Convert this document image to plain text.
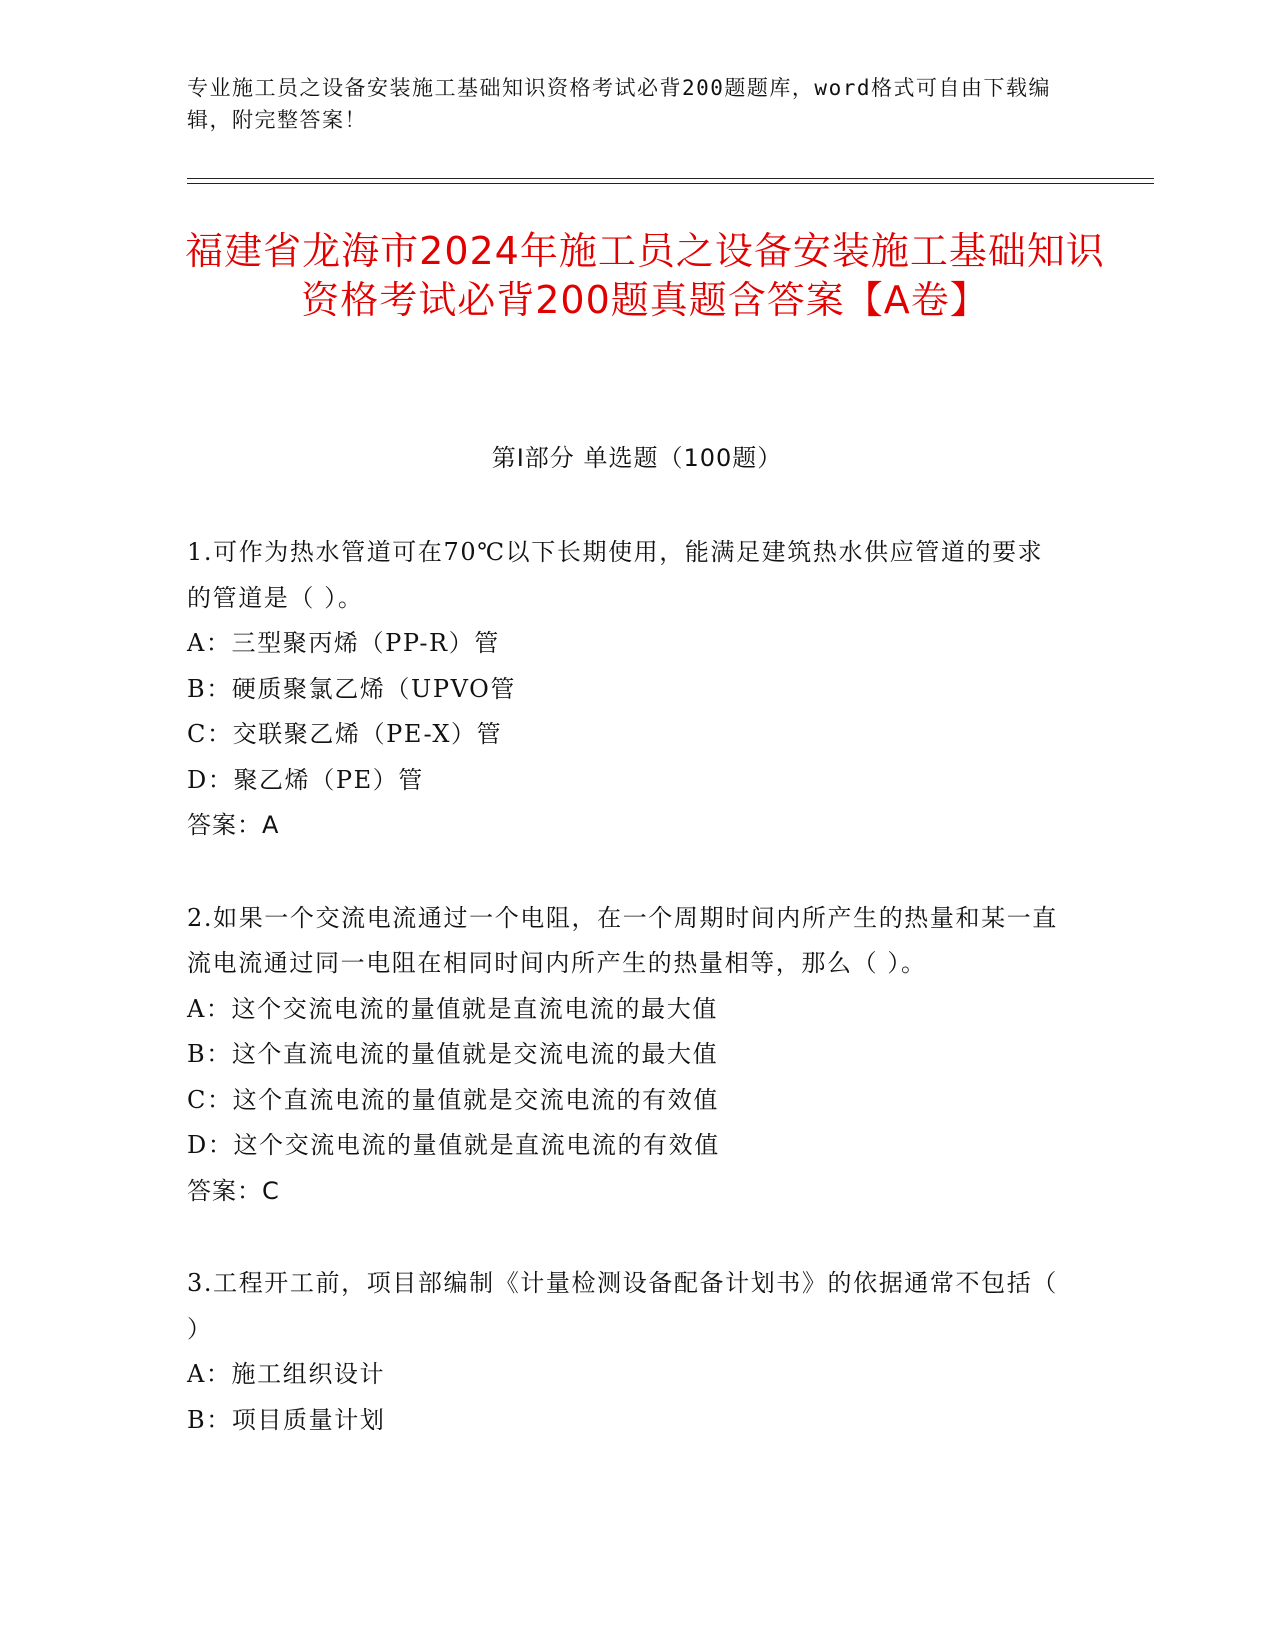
专业施工员之设备安装施工基础知识资格考试必背200题题库，word格式可自由下载编辑，附完整答案！
福建省龙海市2024年施工员之设备安装施工基础知识资格考试必背200题真题含答案【A卷】
第Ⅰ部分 单选题（100题）
1.可作为热水管道可在70℃以下长期使用，能满足建筑热水供应管道的要求的管道是（ ）。
A：三型聚丙烯（PP-R）管
B：硬质聚氯乙烯（UPVO管
C：交联聚乙烯（PE-X）管
D：聚乙烯（PE）管
答案：A
2.如果一个交流电流通过一个电阻，在一个周期时间内所产生的热量和某一直流电流通过同一电阻在相同时间内所产生的热量相等，那么（ ）。
A：这个交流电流的量值就是直流电流的最大值
B：这个直流电流的量值就是交流电流的最大值
C：这个直流电流的量值就是交流电流的有效值
D：这个交流电流的量值就是直流电流的有效值
答案：C
3.工程开工前，项目部编制《计量检测设备配备计划书》的依据通常不包括（ ）
A：施工组织设计
B：项目质量计划
